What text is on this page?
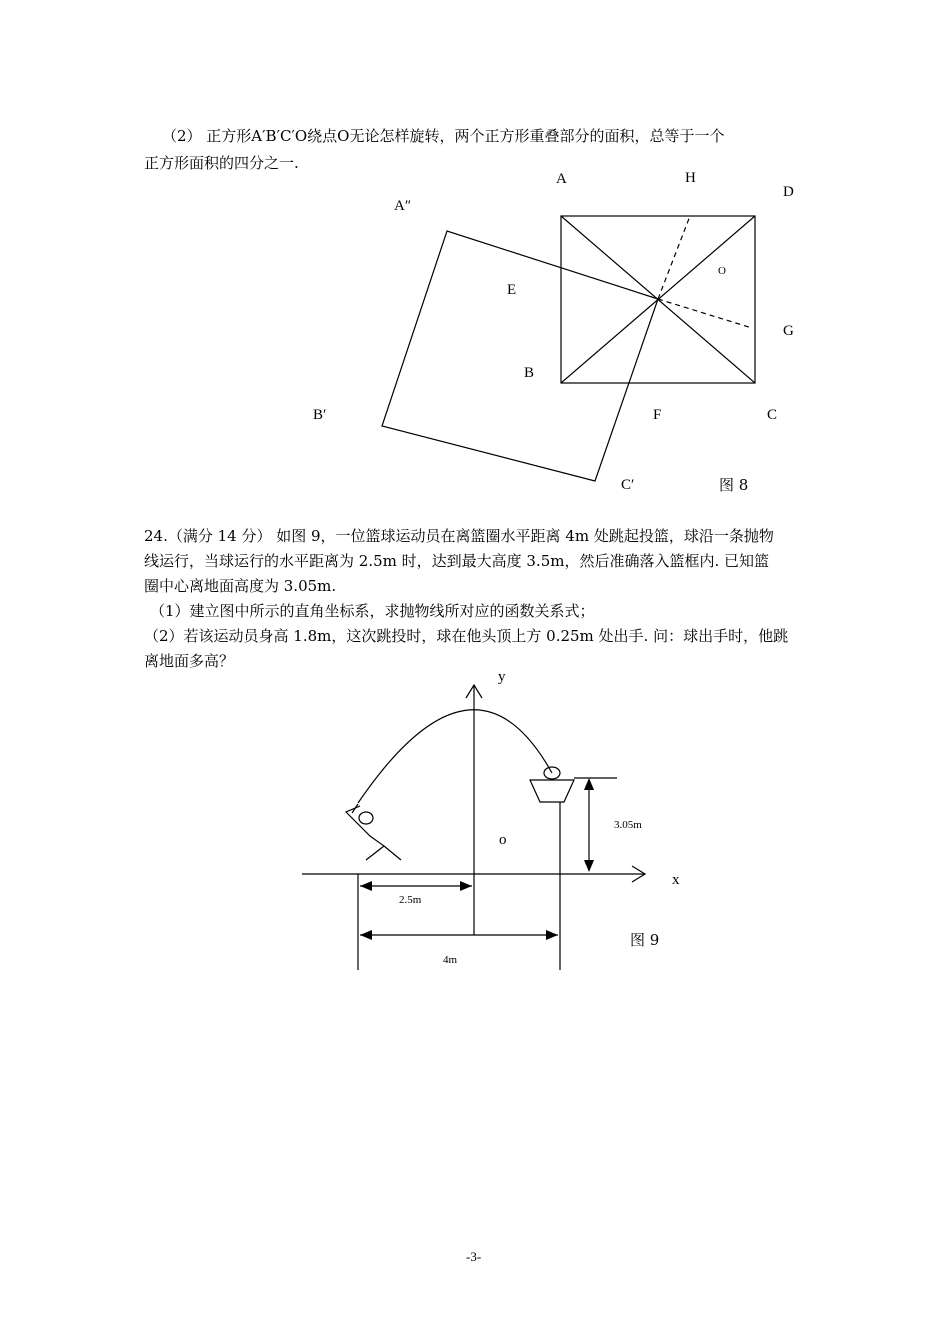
（2） 正方形A′B′C′O绕点O无论怎样旋转，两个正方形重叠部分的面积，总等于一个
正方形面积的四分之一.
A	H
D
A″
E
O
G
B
B′	F	C
C′	图 8
24.（满分 14 分） 如图 9，一位篮球运动员在离篮圈水平距离 4m 处跳起投篮，球沿一条抛物
线运行，当球运行的水平距离为 2.5m 时，达到最大高度 3.5m，然后准确落入篮框内. 已知篮
圈中心离地面高度为 3.05m.
（1）建立图中所示的直角坐标系，求抛物线所对应的函数关系式；
（2）若该运动员身高 1.8m，这次跳投时，球在他头顶上方 0.25m 处出手. 问：球出手时，他跳
离地面多高？
y
x
o
3.05m
2.5m
4m
图 9
-3-
